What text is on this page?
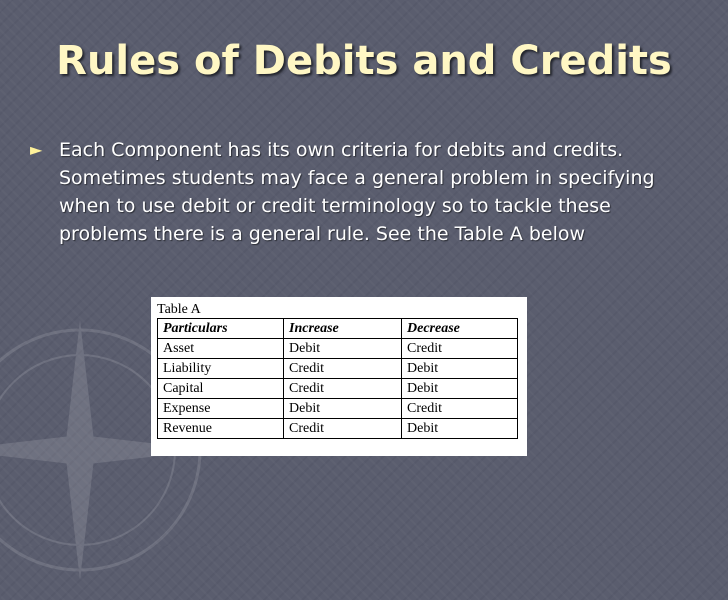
Rules of Debits and Credits
► Each Component has its own criteria for debits and credits. Sometimes students may face a general problem in specifying when to use debit or credit terminology so to tackle these problems there is a general rule. See the Table A below
Table A
Particulars	Increase	Decrease
Asset	Debit	Credit
Liability	Credit	Debit
Capital	Credit	Debit
Expense	Debit	Credit
Revenue	Credit	Debit
